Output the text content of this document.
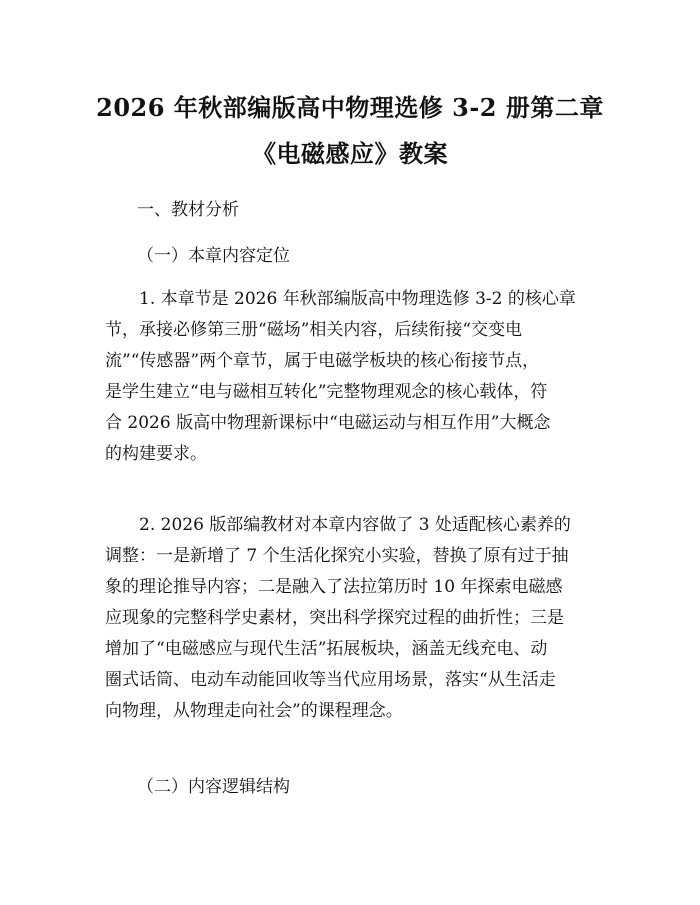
2026 年秋部编版高中物理选修 3-2 册第二章
《电磁感应》教案

一、教材分析

（一）本章内容定位

　　1. 本章节是 2026 年秋部编版高中物理选修 3-2 的核心章
节，承接必修第三册“磁场”相关内容，后续衔接“交变电
流”“传感器”两个章节，属于电磁学板块的核心衔接节点，
是学生建立“电与磁相互转化”完整物理观念的核心载体，符
合 2026 版高中物理新课标中“电磁运动与相互作用”大概念
的构建要求。
　　2. 2026 版部编教材对本章内容做了 3 处适配核心素养的
调整：一是新增了 7 个生活化探究小实验，替换了原有过于抽
象的理论推导内容；二是融入了法拉第历时 10 年探索电磁感
应现象的完整科学史素材，突出科学探究过程的曲折性；三是
增加了“电磁感应与现代生活”拓展板块，涵盖无线充电、动
圈式话筒、电动车动能回收等当代应用场景，落实“从生活走
向物理，从物理走向社会”的课程理念。

（二）内容逻辑结构
